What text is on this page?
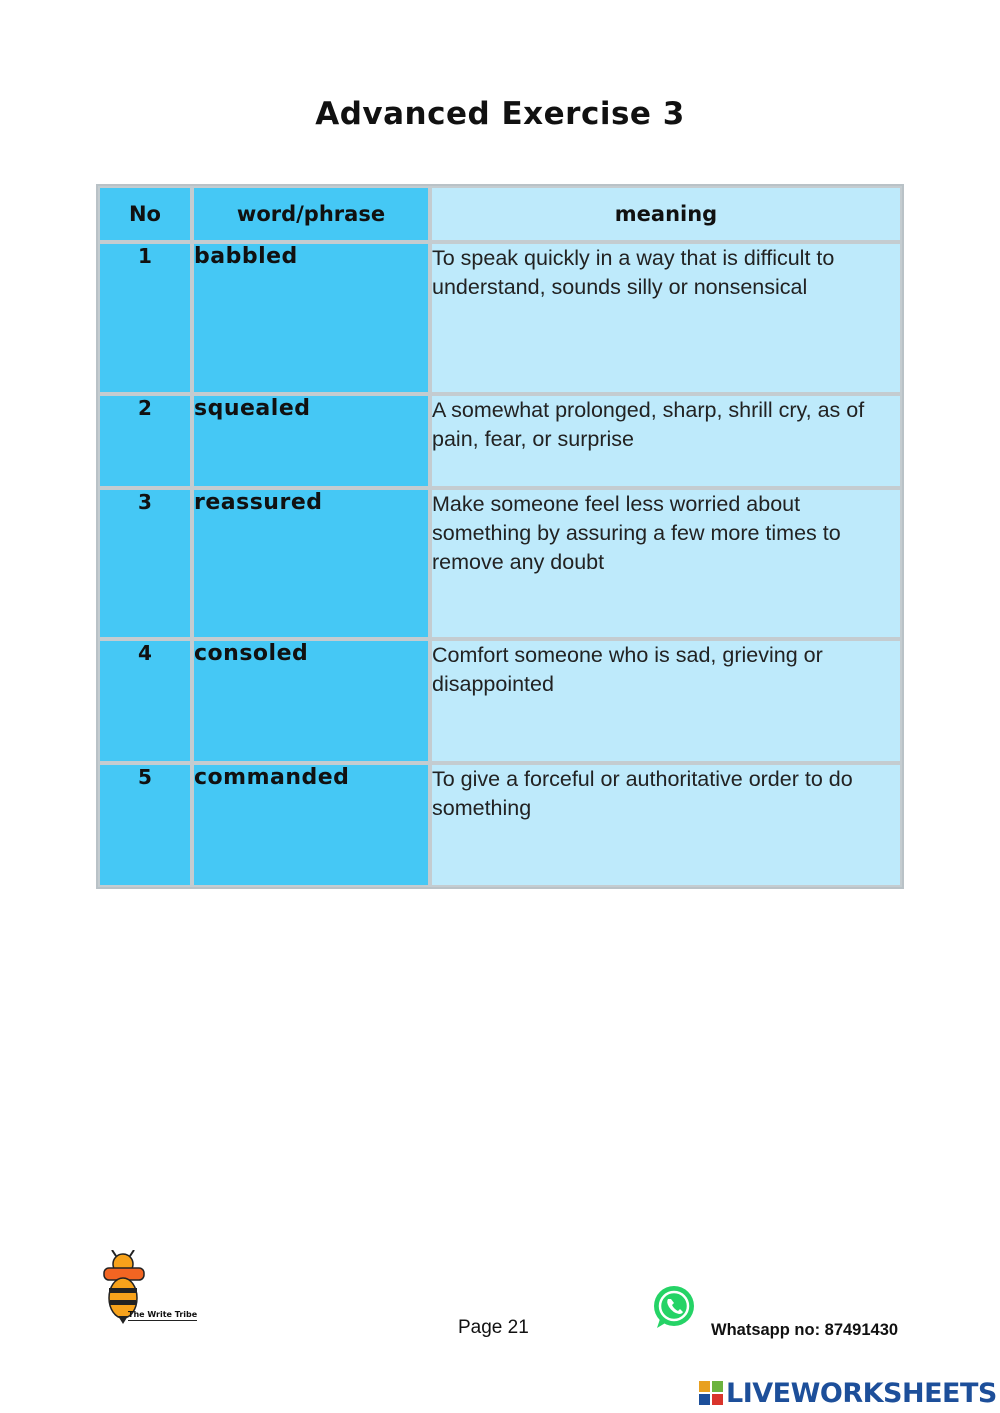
Advanced Exercise 3
No	word/phrase	meaning
1	babbled	To speak quickly in a way that is difficult to understand, sounds silly or nonsensical
2	squealed	A somewhat prolonged, sharp, shrill cry, as of pain, fear, or surprise
3	reassured	Make someone feel less worried about something by assuring a few more times to remove any doubt
4	consoled	Comfort someone who is sad, grieving or disappointed
5	commanded	To give a forceful or authoritative order to do something
The Write Tribe
Page 21	Whatsapp no: 87491430
LIVEWORKSHEETS
